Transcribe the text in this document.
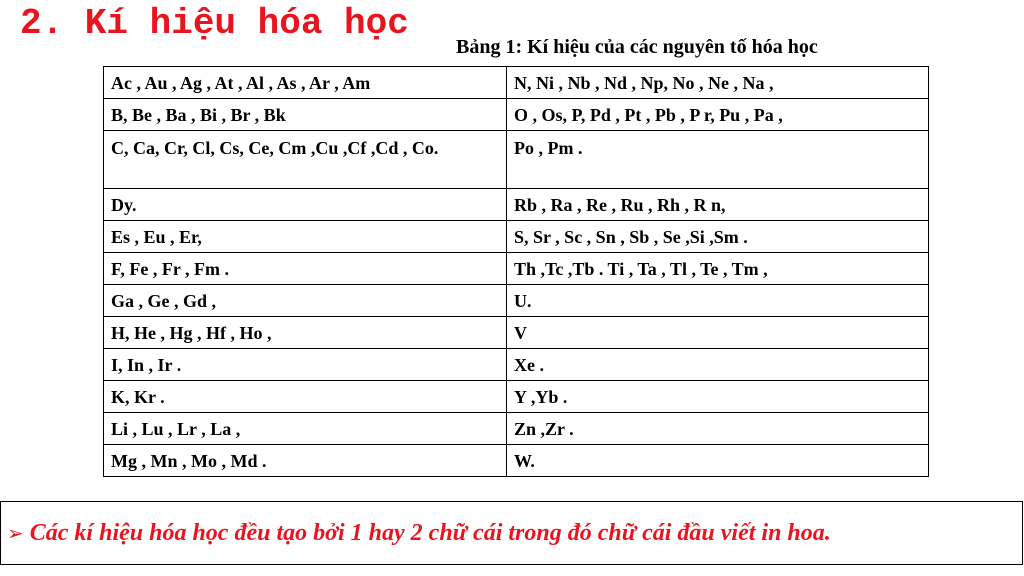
2. Kí hiệu hóa học
Bảng 1: Kí hiệu của các nguyên tố hóa học
Ac , Au , Ag , At , Al , As , Ar , Am	N, Ni , Nb , Nd , Np, No , Ne , Na ,
B, Be , Ba , Bi , Br , Bk	O , Os, P, Pd , Pt , Pb , P r, Pu , Pa ,
C, Ca, Cr, Cl, Cs, Ce, Cm ,Cu ,Cf ,Cd , Co.	Po , Pm .
Dy.	Rb , Ra , Re , Ru , Rh , R n,
Es , Eu , Er,	S, Sr , Sc , Sn , Sb , Se ,Si ,Sm .
F, Fe , Fr , Fm .	Th ,Tc ,Tb . Ti , Ta , Tl , Te , Tm ,
Ga , Ge , Gd ,	U.
H, He , Hg , Hf , Ho ,	V
I, In , Ir .	Xe .
K, Kr .	Y ,Yb .
Li , Lu , Lr , La ,	Zn ,Zr .
Mg , Mn , Mo , Md .	W.
➢ Các kí hiệu hóa học đều tạo bởi 1 hay 2 chữ cái trong đó chữ cái đầu viết in hoa.
